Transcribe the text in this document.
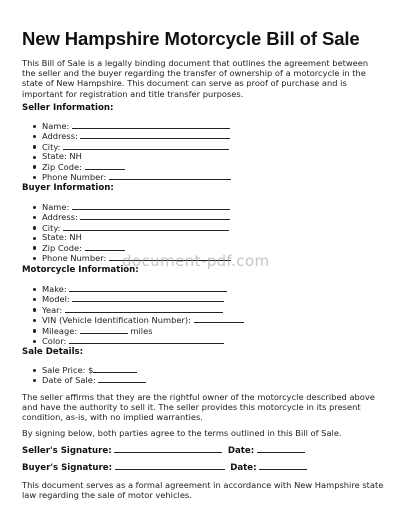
New Hampshire Motorcycle Bill of Sale

This Bill of Sale is a legally binding document that outlines the agreement between the seller and the buyer regarding the transfer of ownership of a motorcycle in the state of New Hampshire. This document can serve as proof of purchase and is important for registration and title transfer purposes.

Seller Information:

Name:
Address:
City:
State: NH
Zip Code:
Phone Number:

Buyer Information:

Name:
Address:
City:
State: NH
Zip Code:
Phone Number:

Motorcycle Information:

Make:
Model:
Year:
VIN (Vehicle Identification Number):
Mileage:	miles
Color:

Sale Details:

Sale Price: $
Date of Sale:

The seller affirms that they are the rightful owner of the motorcycle described above and have the authority to sell it. The seller provides this motorcycle in its present condition, as-is, with no implied warranties.

By signing below, both parties agree to the terms outlined in this Bill of Sale.

Seller's Signature:	Date:

Buyer's Signature:	Date:

This document serves as a formal agreement in accordance with New Hampshire state law regarding the sale of motor vehicles.

document-pdf.com
